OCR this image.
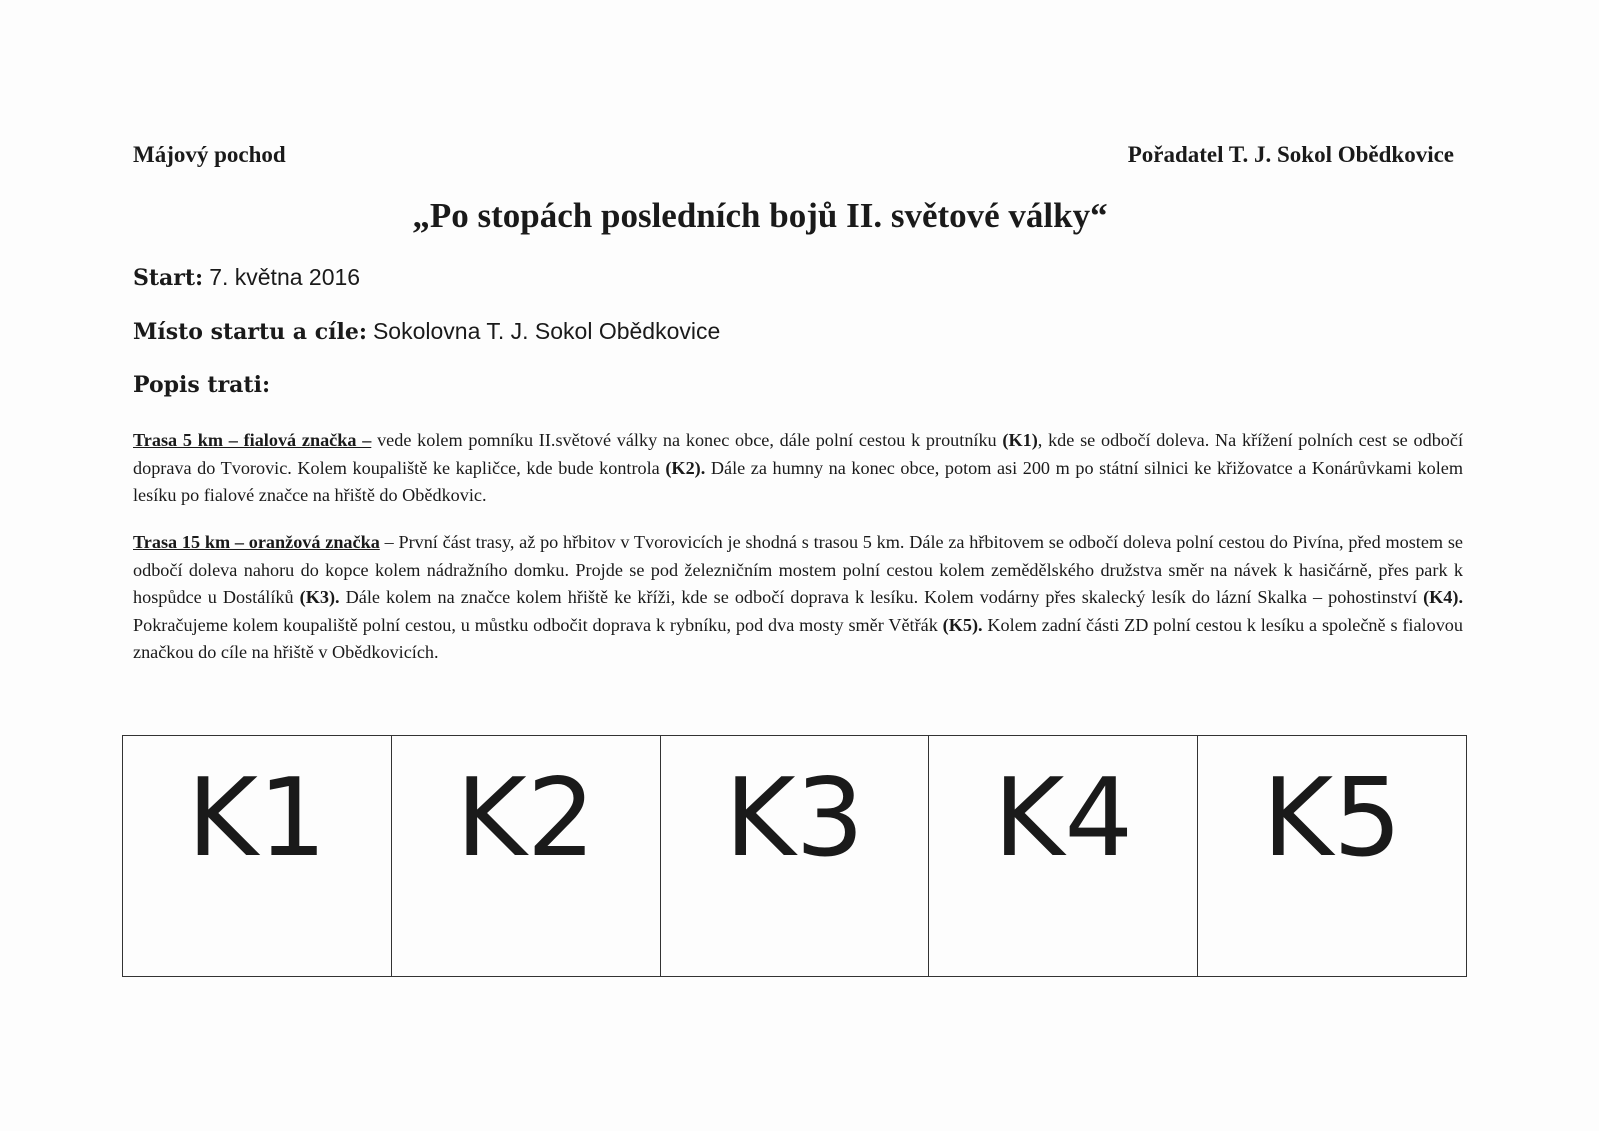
Májový pochod	Pořadatel T. J. Sokol Obědkovice
„Po stopách posledních bojů II. světové války“
Start: 7. května 2016
Místo startu a cíle: Sokolovna T. J. Sokol Obědkovice
Popis trati:
Trasa 5 km – fialová značka – vede kolem pomníku II.světové války na konec obce, dále polní cestou k proutníku (K1), kde se odbočí doleva. Na křížení polních cest se odbočí doprava do Tvorovic. Kolem koupaliště ke kapličce, kde bude kontrola (K2). Dále za humny na konec obce, potom asi 200 m po státní silnici ke křižovatce a Konárůvkami kolem lesíku po fialové značce na hřiště do Obědkovic.
Trasa 15 km – oranžová značka – První část trasy, až po hřbitov v Tvorovicích je shodná s trasou 5 km. Dále za hřbitovem se odbočí doleva polní cestou do Pivína, před mostem se odbočí doleva nahoru do kopce kolem nádražního domku. Projde se pod železničním mostem polní cestou kolem zemědělského družstva směr na návek k hasičárně, přes park k hospůdce u Dostálíků (K3). Dále kolem na značce kolem hřiště ke kříži, kde se odbočí doprava k lesíku. Kolem vodárny přes skalecký lesík do lázní Skalka – pohostinství (K4). Pokračujeme kolem koupaliště polní cestou, u můstku odbočit doprava k rybníku, pod dva mosty směr Větřák (K5). Kolem zadní části ZD polní cestou k lesíku a společně s fialovou značkou do cíle na hřiště v Obědkovicích.
K1 K2 K3 K4 K5
